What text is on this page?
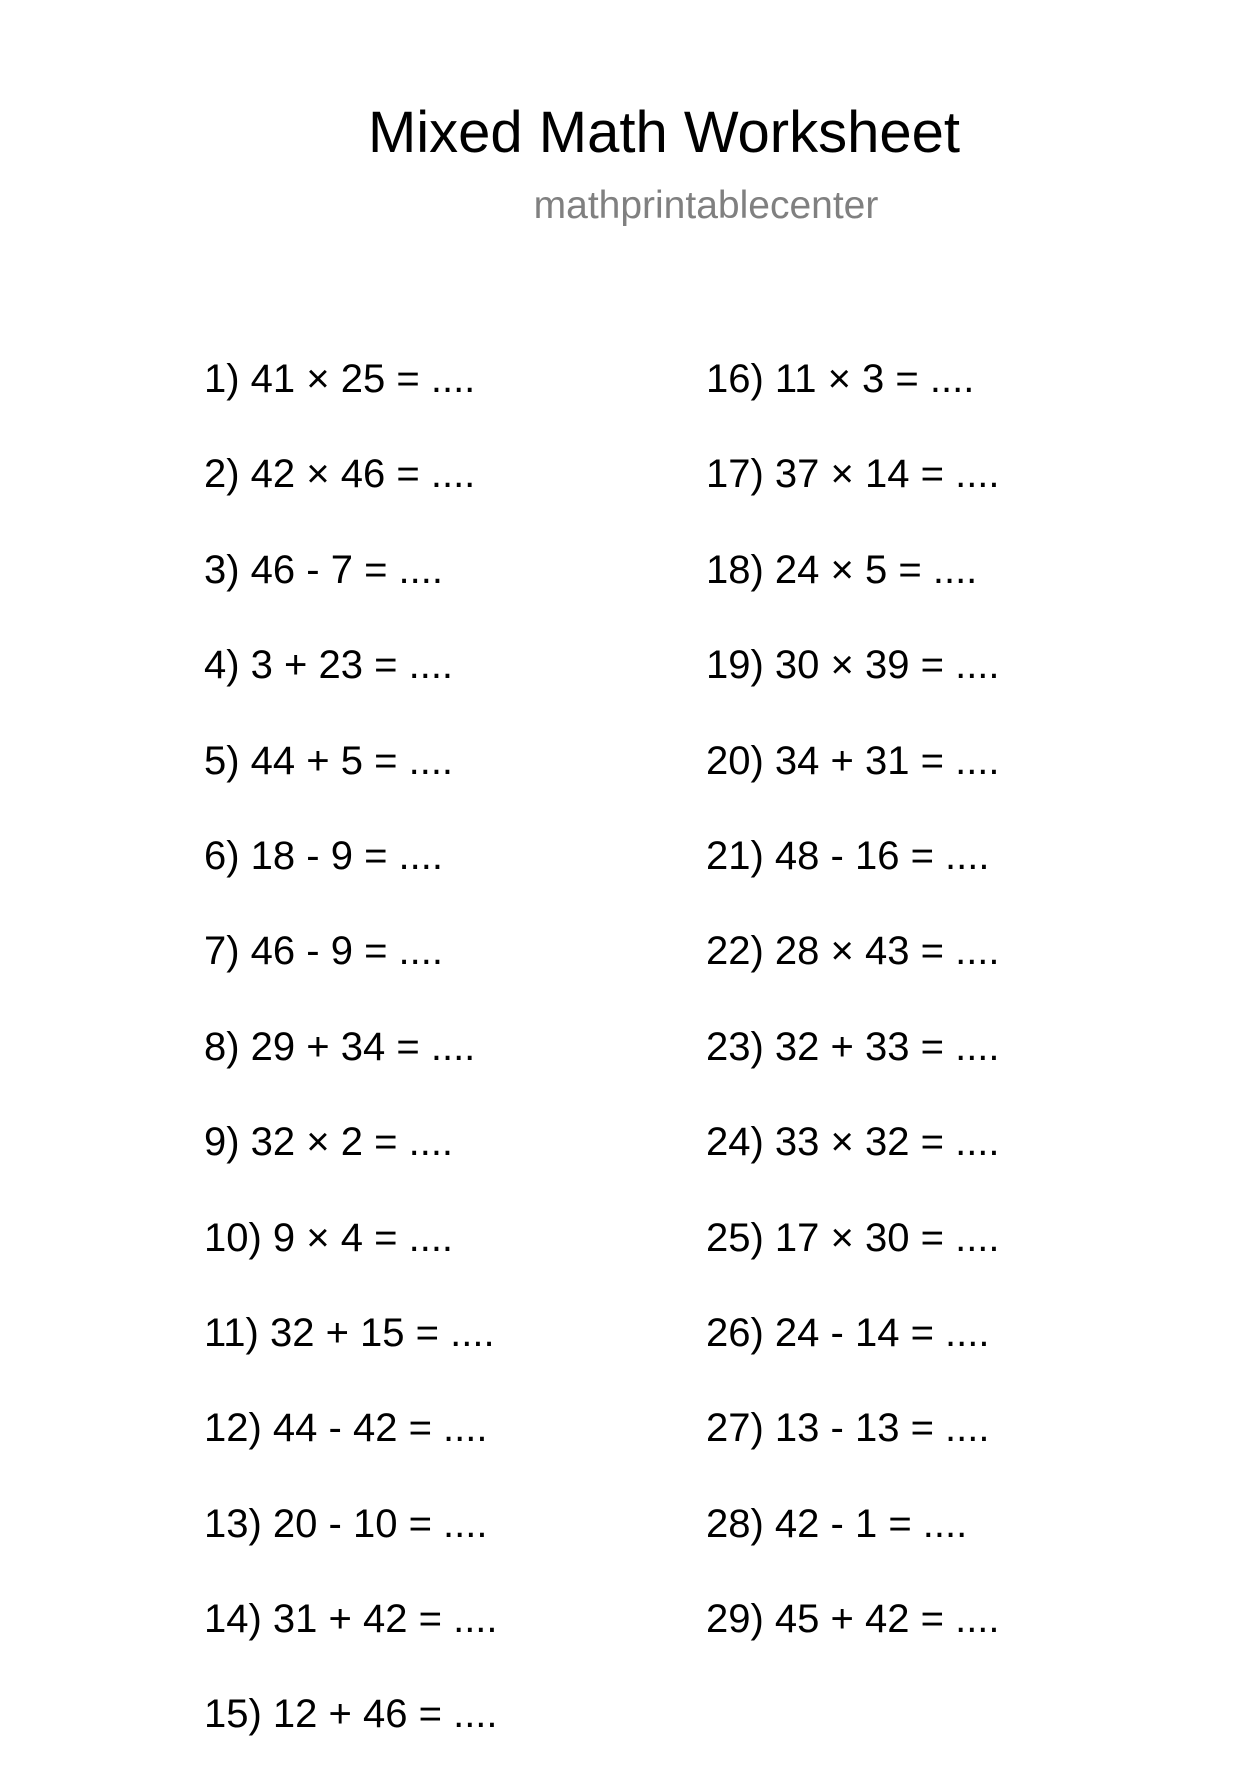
Mixed Math Worksheet
mathprintablecenter
1) 41 × 25 = ....
2) 42 × 46 = ....
3) 46 - 7 = ....
4) 3 + 23 = ....
5) 44 + 5 = ....
6) 18 - 9 = ....
7) 46 - 9 = ....
8) 29 + 34 = ....
9) 32 × 2 = ....
10) 9 × 4 = ....
11) 32 + 15 = ....
12) 44 - 42 = ....
13) 20 - 10 = ....
14) 31 + 42 = ....
15) 12 + 46 = ....
16) 11 × 3 = ....
17) 37 × 14 = ....
18) 24 × 5 = ....
19) 30 × 39 = ....
20) 34 + 31 = ....
21) 48 - 16 = ....
22) 28 × 43 = ....
23) 32 + 33 = ....
24) 33 × 32 = ....
25) 17 × 30 = ....
26) 24 - 14 = ....
27) 13 - 13 = ....
28) 42 - 1 = ....
29) 45 + 42 = ....
